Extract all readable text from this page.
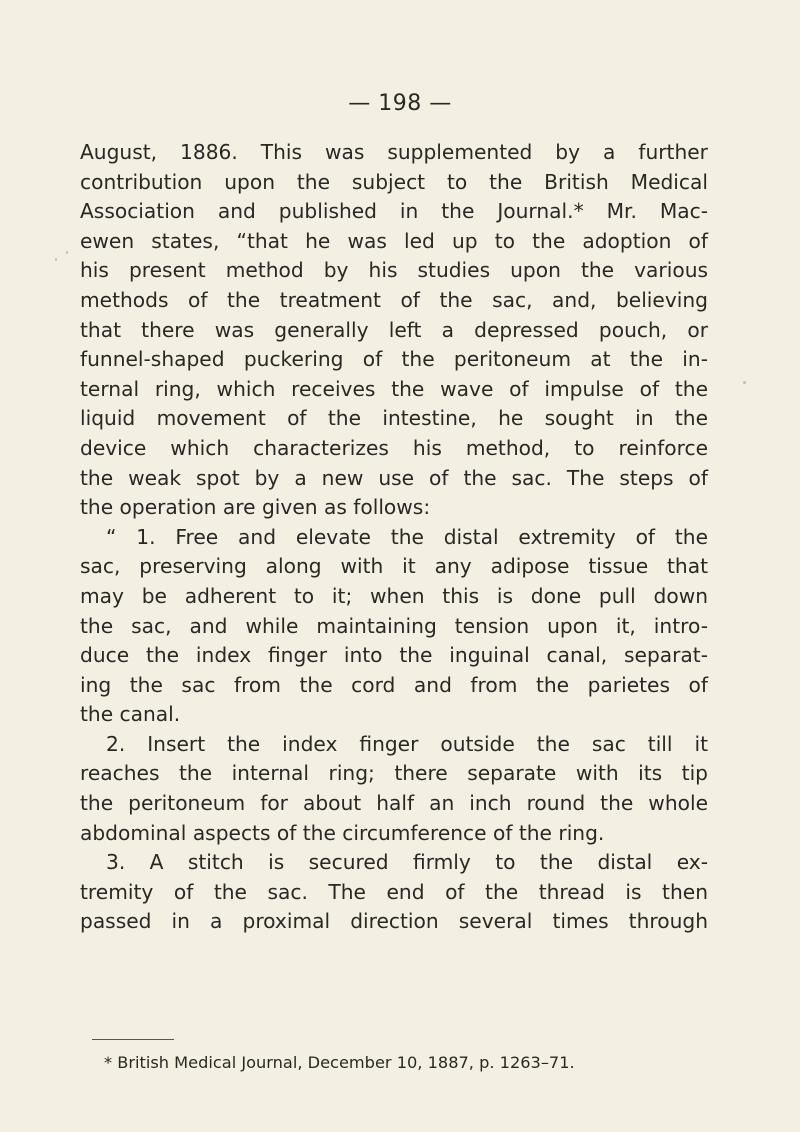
— 198 —
August, 1886. This was supplemented by a further
contribution upon the subject to the British Medical
Association and published in the Journal.* Mr. Mac-
ewen states, “that he was led up to the adoption of
his present method by his studies upon the various
methods of the treatment of the sac, and, believing
that there was generally left a depressed pouch, or
funnel-shaped puckering of the peritoneum at the in-
ternal ring, which receives the wave of impulse of the
liquid movement of the intestine, he sought in the
device which characterizes his method, to reinforce
the weak spot by a new use of the sac. The steps of
the operation are given as follows:
“ 1. Free and elevate the distal extremity of the
sac, preserving along with it any adipose tissue that
may be adherent to it; when this is done pull down
the sac, and while maintaining tension upon it, intro-
duce the index finger into the inguinal canal, separat-
ing the sac from the cord and from the parietes of
the canal.
2. Insert the index finger outside the sac till it
reaches the internal ring; there separate with its tip
the peritoneum for about half an inch round the whole
abdominal aspects of the circumference of the ring.
3. A stitch is secured firmly to the distal ex-
tremity of the sac. The end of the thread is then
passed in a proximal direction several times through
* British Medical Journal, December 10, 1887, p. 1263–71.
